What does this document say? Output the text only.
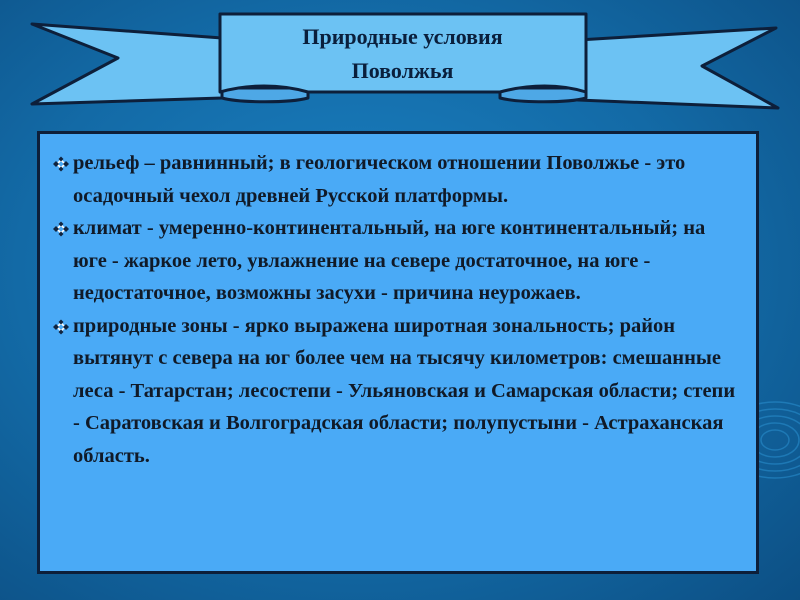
Природные условия
Поволжья
рельеф – равнинный; в геологическом отношении Поволжье - это осадочный чехол древней Русской платформы.
климат - умеренно-континентальный, на юге континентальный; на юге - жаркое лето, увлажнение на севере достаточное, на юге - недостаточное, возможны засухи - причина неурожаев.
природные зоны - ярко выражена широтная зональность; район вытянут с севера на юг более чем на тысячу километров: смешанные леса - Татарстан; лесостепи - Ульяновская и Самарская области; степи - Саратовская и Волгоградская области; полупустыни - Астраханская область.
